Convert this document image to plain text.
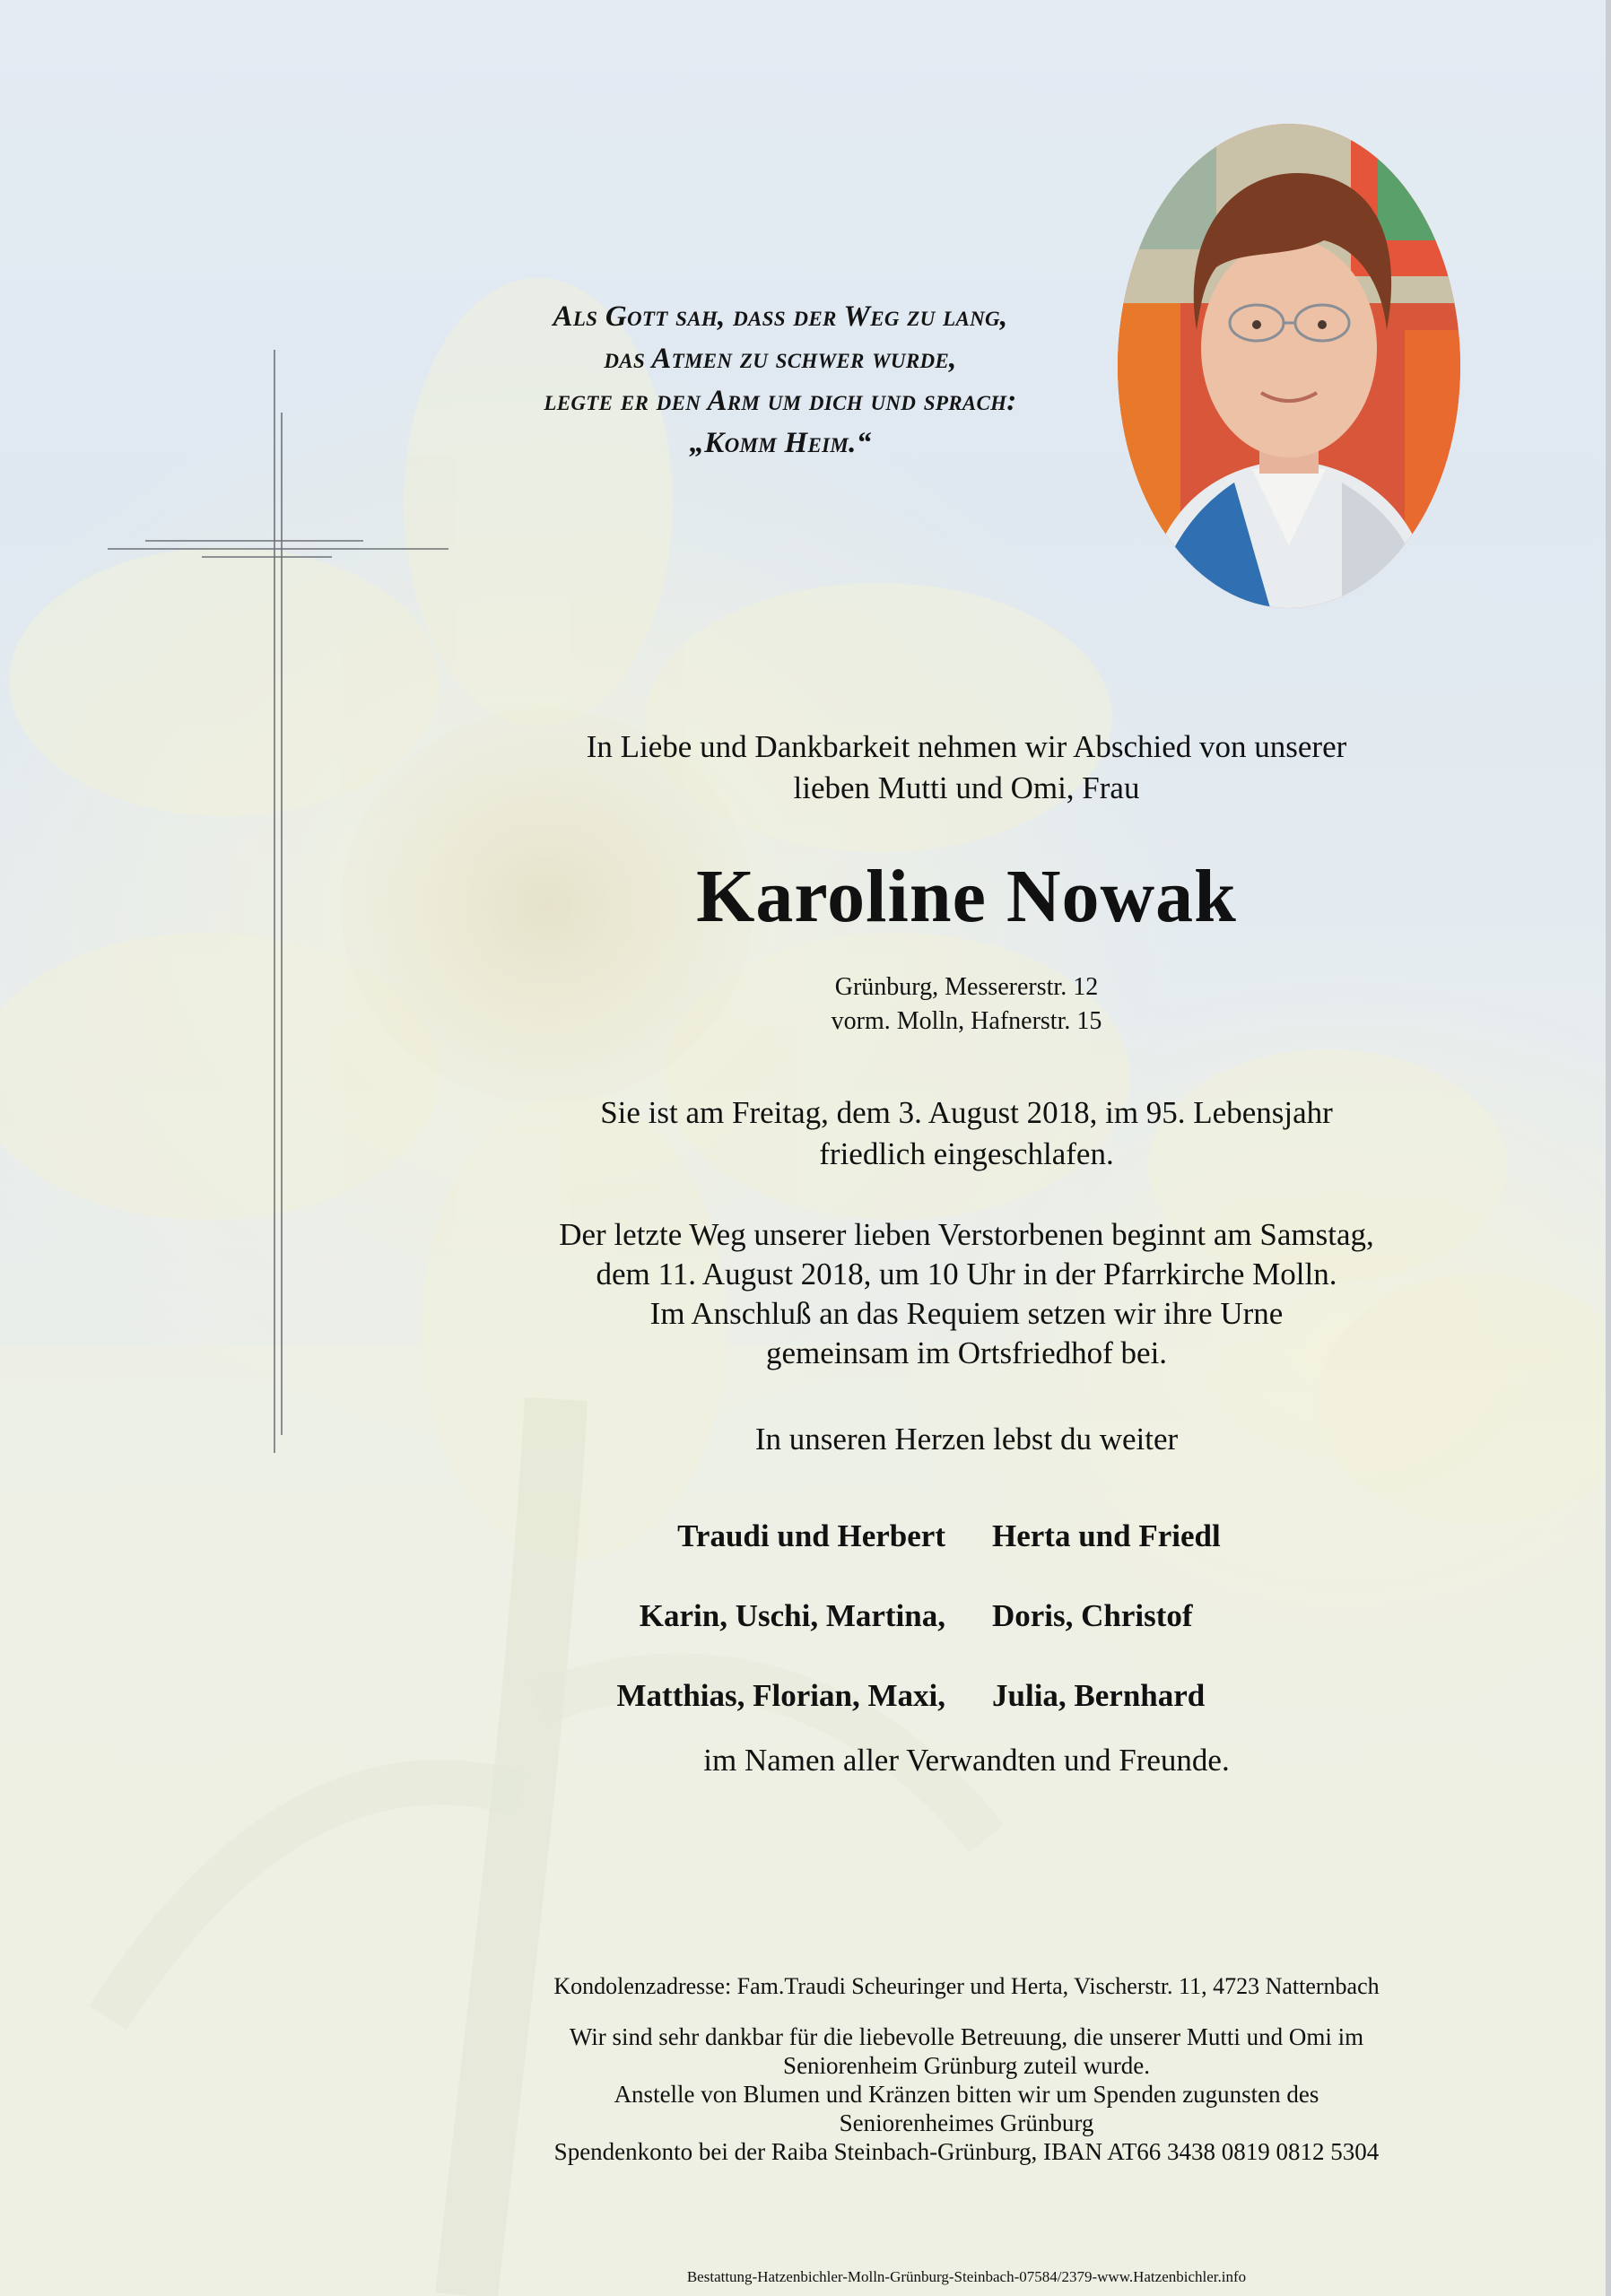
Als Gott sah, dass der Weg zu lang,
das Atmen zu schwer wurde,
legte er den Arm um dich und sprach:
„Komm Heim.“
In Liebe und Dankbarkeit nehmen wir Abschied von unserer
lieben Mutti und Omi, Frau
Karoline Nowak
Grünburg, Messererstr. 12
vorm. Molln, Hafnerstr. 15
Sie ist am Freitag, dem 3. August 2018, im 95. Lebensjahr
friedlich eingeschlafen.
Der letzte Weg unserer lieben Verstorbenen beginnt am Samstag,
dem 11. August 2018, um 10 Uhr in der Pfarrkirche Molln.
Im Anschluß an das Requiem setzen wir ihre Urne
gemeinsam im Ortsfriedhof bei.
In unseren Herzen lebst du weiter
Traudi und Herbert	Herta und Friedl
Karin, Uschi, Martina,	Doris, Christof
Matthias, Florian, Maxi,	Julia, Bernhard
im Namen aller Verwandten und Freunde.
Kondolenzadresse: Fam.Traudi Scheuringer und Herta, Vischerstr. 11, 4723 Natternbach
Wir sind sehr dankbar für die liebevolle Betreuung, die unserer Mutti und Omi im
Seniorenheim Grünburg zuteil wurde.
Anstelle von Blumen und Kränzen bitten wir um Spenden zugunsten des
Seniorenheimes Grünburg
Spendenkonto bei der Raiba Steinbach-Grünburg, IBAN AT66 3438 0819 0812 5304
Bestattung-Hatzenbichler-Molln-Grünburg-Steinbach-07584/2379-www.Hatzenbichler.info
